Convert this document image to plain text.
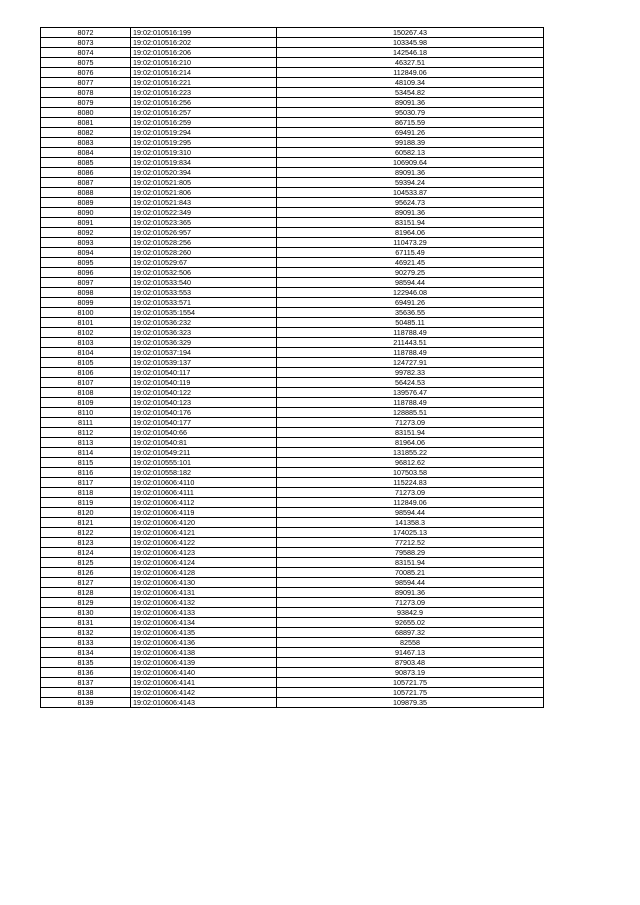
8072	19:02:010516:199	150267.43
8073	19:02:010516:202	103345.98
8074	19:02:010516:206	142546.18
8075	19:02:010516:210	46327.51
8076	19:02:010516:214	112849.06
8077	19:02:010516:221	48109.34
8078	19:02:010516:223	53454.82
8079	19:02:010516:256	89091.36
8080	19:02:010516:257	95030.79
8081	19:02:010516:259	86715.59
8082	19:02:010519:294	69491.26
8083	19:02:010519:295	99188.39
8084	19:02:010519:310	60582.13
8085	19:02:010519:834	106909.64
8086	19:02:010520:394	89091.36
8087	19:02:010521:805	59394.24
8088	19:02:010521:806	104533.87
8089	19:02:010521:843	95624.73
8090	19:02:010522:349	89091.36
8091	19:02:010523:365	83151.94
8092	19:02:010526:957	81964.06
8093	19:02:010528:256	110473.29
8094	19:02:010528:260	67115.49
8095	19:02:010529:67	46921.45
8096	19:02:010532:506	90279.25
8097	19:02:010533:540	98594.44
8098	19:02:010533:553	122946.08
8099	19:02:010533:571	69491.26
8100	19:02:010535:1554	35636.55
8101	19:02:010536:232	50485.11
8102	19:02:010536:323	118788.49
8103	19:02:010536:329	211443.51
8104	19:02:010537:194	118788.49
8105	19:02:010539:137	124727.91
8106	19:02:010540:117	99782.33
8107	19:02:010540:119	56424.53
8108	19:02:010540:122	139576.47
8109	19:02:010540:123	118788.49
8110	19:02:010540:176	128885.51
8111	19:02:010540:177	71273.09
8112	19:02:010540:66	83151.94
8113	19:02:010540:81	81964.06
8114	19:02:010549:211	131855.22
8115	19:02:010555:101	96812.62
8116	19:02:010558:182	107503.58
8117	19:02:010606:4110	115224.83
8118	19:02:010606:4111	71273.09
8119	19:02:010606:4112	112849.06
8120	19:02:010606:4119	98594.44
8121	19:02:010606:4120	141358.3
8122	19:02:010606:4121	174025.13
8123	19:02:010606:4122	77212.52
8124	19:02:010606:4123	79588.29
8125	19:02:010606:4124	83151.94
8126	19:02:010606:4128	70085.21
8127	19:02:010606:4130	98594.44
8128	19:02:010606:4131	89091.36
8129	19:02:010606:4132	71273.09
8130	19:02:010606:4133	93842.9
8131	19:02:010606:4134	92655.02
8132	19:02:010606:4135	68897.32
8133	19:02:010606:4136	82558
8134	19:02:010606:4138	91467.13
8135	19:02:010606:4139	87903.48
8136	19:02:010606:4140	90873.19
8137	19:02:010606:4141	105721.75
8138	19:02:010606:4142	105721.75
8139	19:02:010606:4143	109879.35
